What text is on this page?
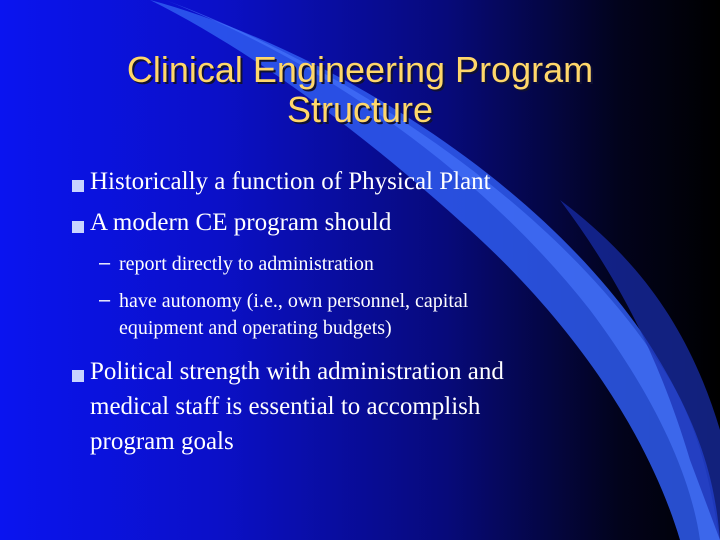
Clinical Engineering Program
Structure
Historically a function of Physical Plant
A modern CE program should
– report directly to administration
– have autonomy (i.e., own personnel, capital
equipment and operating budgets)
Political strength with administration and
medical staff is essential to accomplish
program goals
